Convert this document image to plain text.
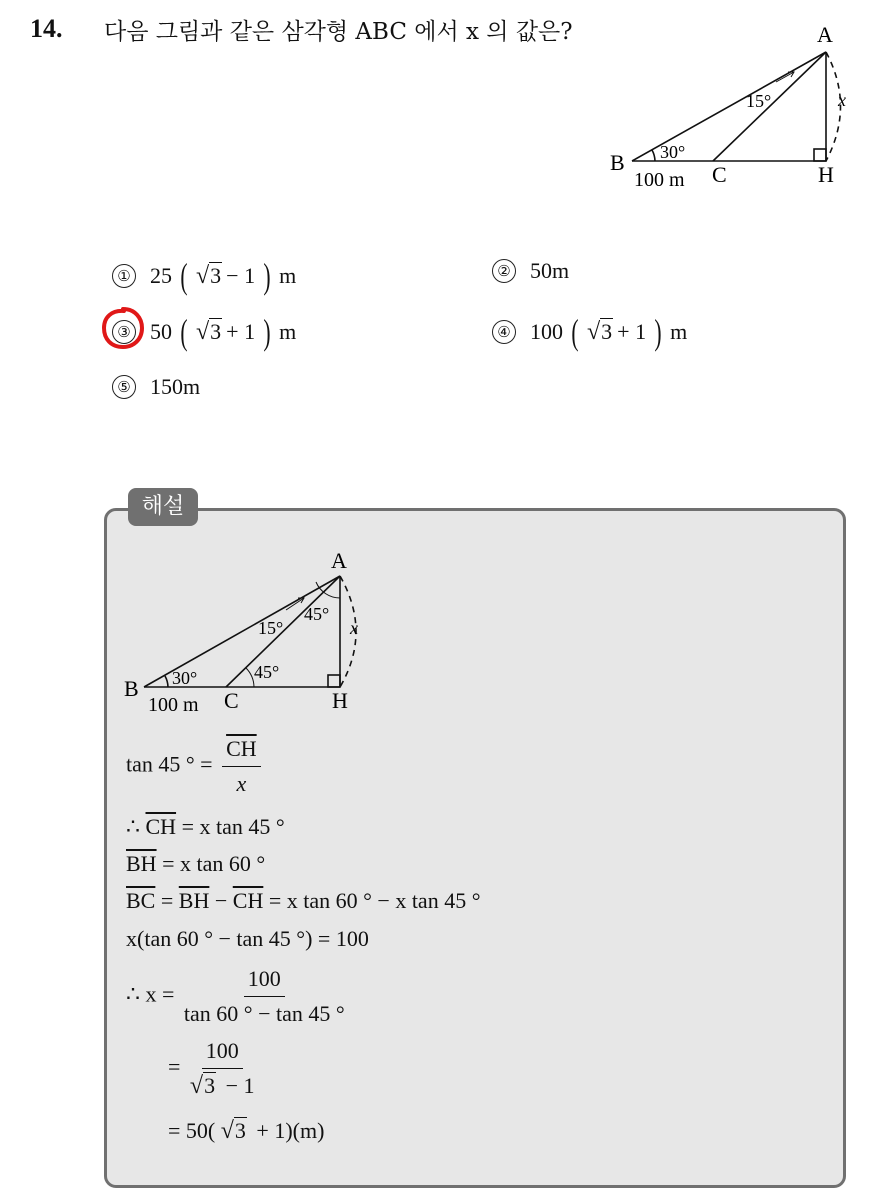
14. 다음 그림과 같은 삼각형 ABC 에서 x 의 값은?	A
B	C	H
30°
15°
100 m
x
① 25 ( √3 − 1 ) m	② 50m
③ 50 ( √3 + 1 ) m	④ 100 ( √3 + 1 ) m
⑤ 150m
해설
A
B	C	H
30°
15°
45°
45°
100 m
x
tan 45 ° = $\frac{\overline{CH}}{x}$
∴ $\overline{CH} = x$ tan 45 °
$\overline{BH} = x$ tan 60 °
$\overline{BC} = \overline{BH} - \overline{CH} = x$ tan 60 ° − x tan 45 °
x(tan 60 ° − tan 45 °) = 100
∴ $x = \frac{100}{\tan 60 ^\circ - \tan 45 ^\circ}$
= $\frac{100}{√3 - 1}$
= 50( √3 + 1)(m)
